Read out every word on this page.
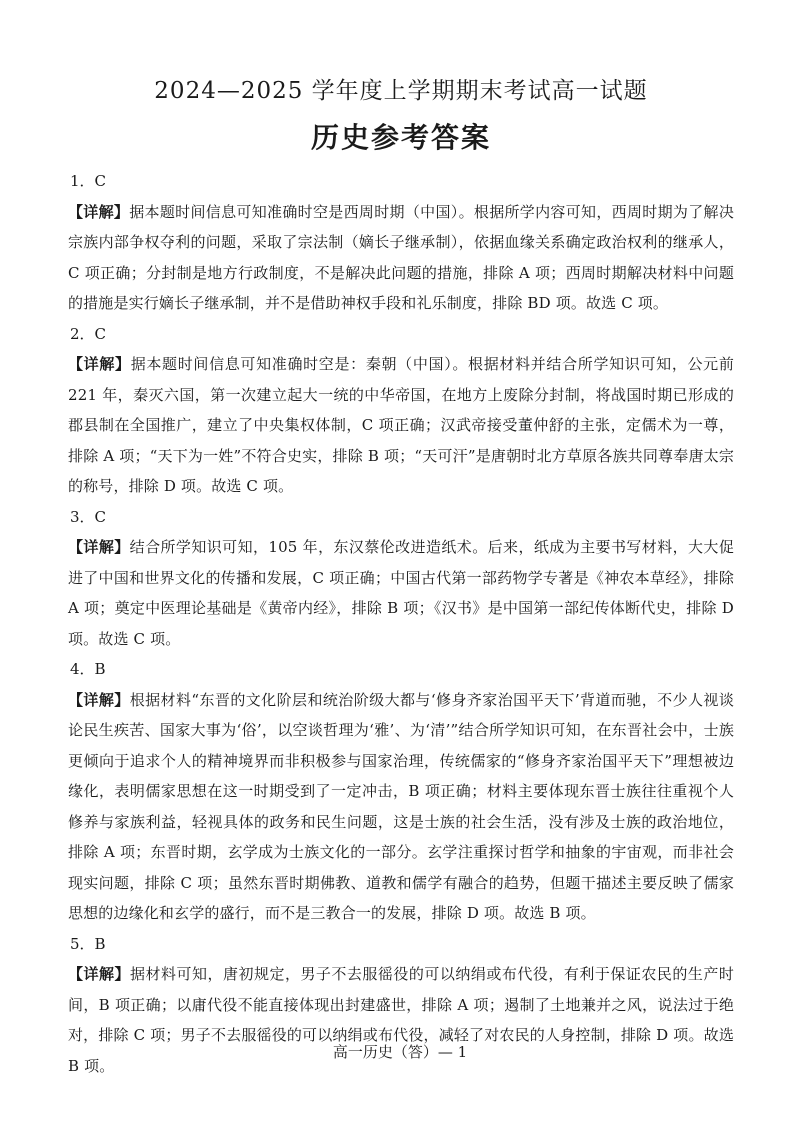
2024—2025 学年度上学期期末考试高一试题
历史参考答案

1．C

【详解】据本题时间信息可知准确时空是西周时期（中国）。根据所学内容可知，西周时期为了解决宗族内部争权夺利的问题，采取了宗法制（嫡长子继承制），依据血缘关系确定政治权利的继承人，C 项正确；分封制是地方行政制度，不是解决此问题的措施，排除 A 项；西周时期解决材料中问题的措施是实行嫡长子继承制，并不是借助神权手段和礼乐制度，排除 BD 项。故选 C 项。

2．C

【详解】据本题时间信息可知准确时空是：秦朝（中国）。根据材料并结合所学知识可知，公元前 221 年，秦灭六国，第一次建立起大一统的中华帝国，在地方上废除分封制，将战国时期已形成的郡县制在全国推广，建立了中央集权体制，C 项正确；汉武帝接受董仲舒的主张，定儒术为一尊，排除 A 项；“天下为一姓”不符合史实，排除 B 项；“天可汗”是唐朝时北方草原各族共同尊奉唐太宗的称号，排除 D 项。故选 C 项。

3．C

【详解】结合所学知识可知，105 年，东汉蔡伦改进造纸术。后来，纸成为主要书写材料，大大促进了中国和世界文化的传播和发展，C 项正确；中国古代第一部药物学专著是《神农本草经》，排除 A 项；奠定中医理论基础是《黄帝内经》，排除 B 项；《汉书》是中国第一部纪传体断代史，排除 D 项。故选 C 项。

4．B

【详解】根据材料“东晋的文化阶层和统治阶级大都与‘修身齐家治国平天下’背道而驰，不少人视谈论民生疾苦、国家大事为‘俗’，以空谈哲理为‘雅’、为‘清’”结合所学知识可知，在东晋社会中，士族更倾向于追求个人的精神境界而非积极参与国家治理，传统儒家的“修身齐家治国平天下”理想被边缘化，表明儒家思想在这一时期受到了一定冲击，B 项正确；材料主要体现东晋士族往往重视个人修养与家族利益，轻视具体的政务和民生问题，这是士族的社会生活，没有涉及士族的政治地位，排除 A 项；东晋时期，玄学成为士族文化的一部分。玄学注重探讨哲学和抽象的宇宙观，而非社会现实问题，排除 C 项；虽然东晋时期佛教、道教和儒学有融合的趋势，但题干描述主要反映了儒家思想的边缘化和玄学的盛行，而不是三教合一的发展，排除 D 项。故选 B 项。

5．B

【详解】据材料可知，唐初规定，男子不去服徭役的可以纳绢或布代役，有利于保证农民的生产时间，B 项正确；以庸代役不能直接体现出封建盛世，排除 A 项；遏制了土地兼并之风，说法过于绝对，排除 C 项；男子不去服徭役的可以纳绢或布代役，减轻了对农民的人身控制，排除 D 项。故选 B 项。

高一历史（答）— 1
